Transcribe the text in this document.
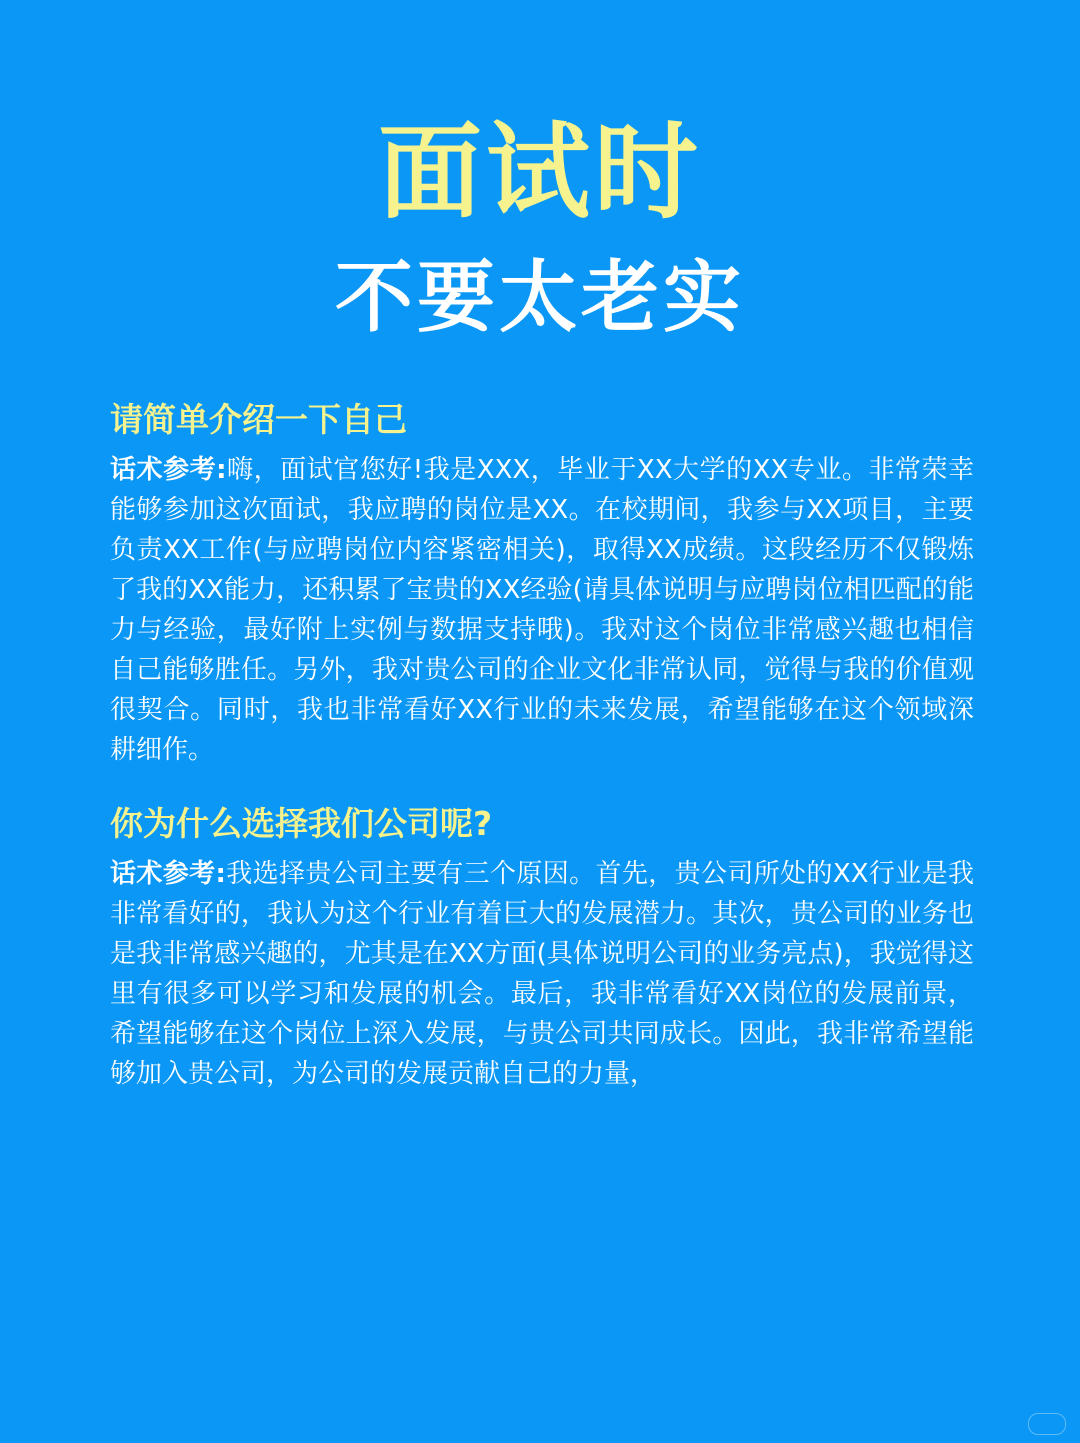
面试时
不要太老实
请简单介绍一下自己

话术参考:嗨，面试官您好!我是XXX，毕业于XX大学的XX专业。非常荣幸能够参加这次面试，我应聘的岗位是XX。在校期间，我参与XX项目，主要负责XX工作(与应聘岗位内容紧密相关)，取得XX成绩。这段经历不仅锻炼了我的XX能力，还积累了宝贵的XX经验(请具体说明与应聘岗位相匹配的能力与经验，最好附上实例与数据支持哦)。我对这个岗位非常感兴趣也相信自己能够胜任。另外，我对贵公司的企业文化非常认同，觉得与我的价值观很契合。同时，我也非常看好XX行业的未来发展，希望能够在这个领域深耕细作。

你为什么选择我们公司呢?

话术参考:我选择贵公司主要有三个原因。首先，贵公司所处的XX行业是我非常看好的，我认为这个行业有着巨大的发展潜力。其次，贵公司的业务也是我非常感兴趣的，尤其是在XX方面(具体说明公司的业务亮点)，我觉得这里有很多可以学习和发展的机会。最后，我非常看好XX岗位的发展前景，希望能够在这个岗位上深入发展，与贵公司共同成长。因此，我非常希望能够加入贵公司，为公司的发展贡献自己的力量，
